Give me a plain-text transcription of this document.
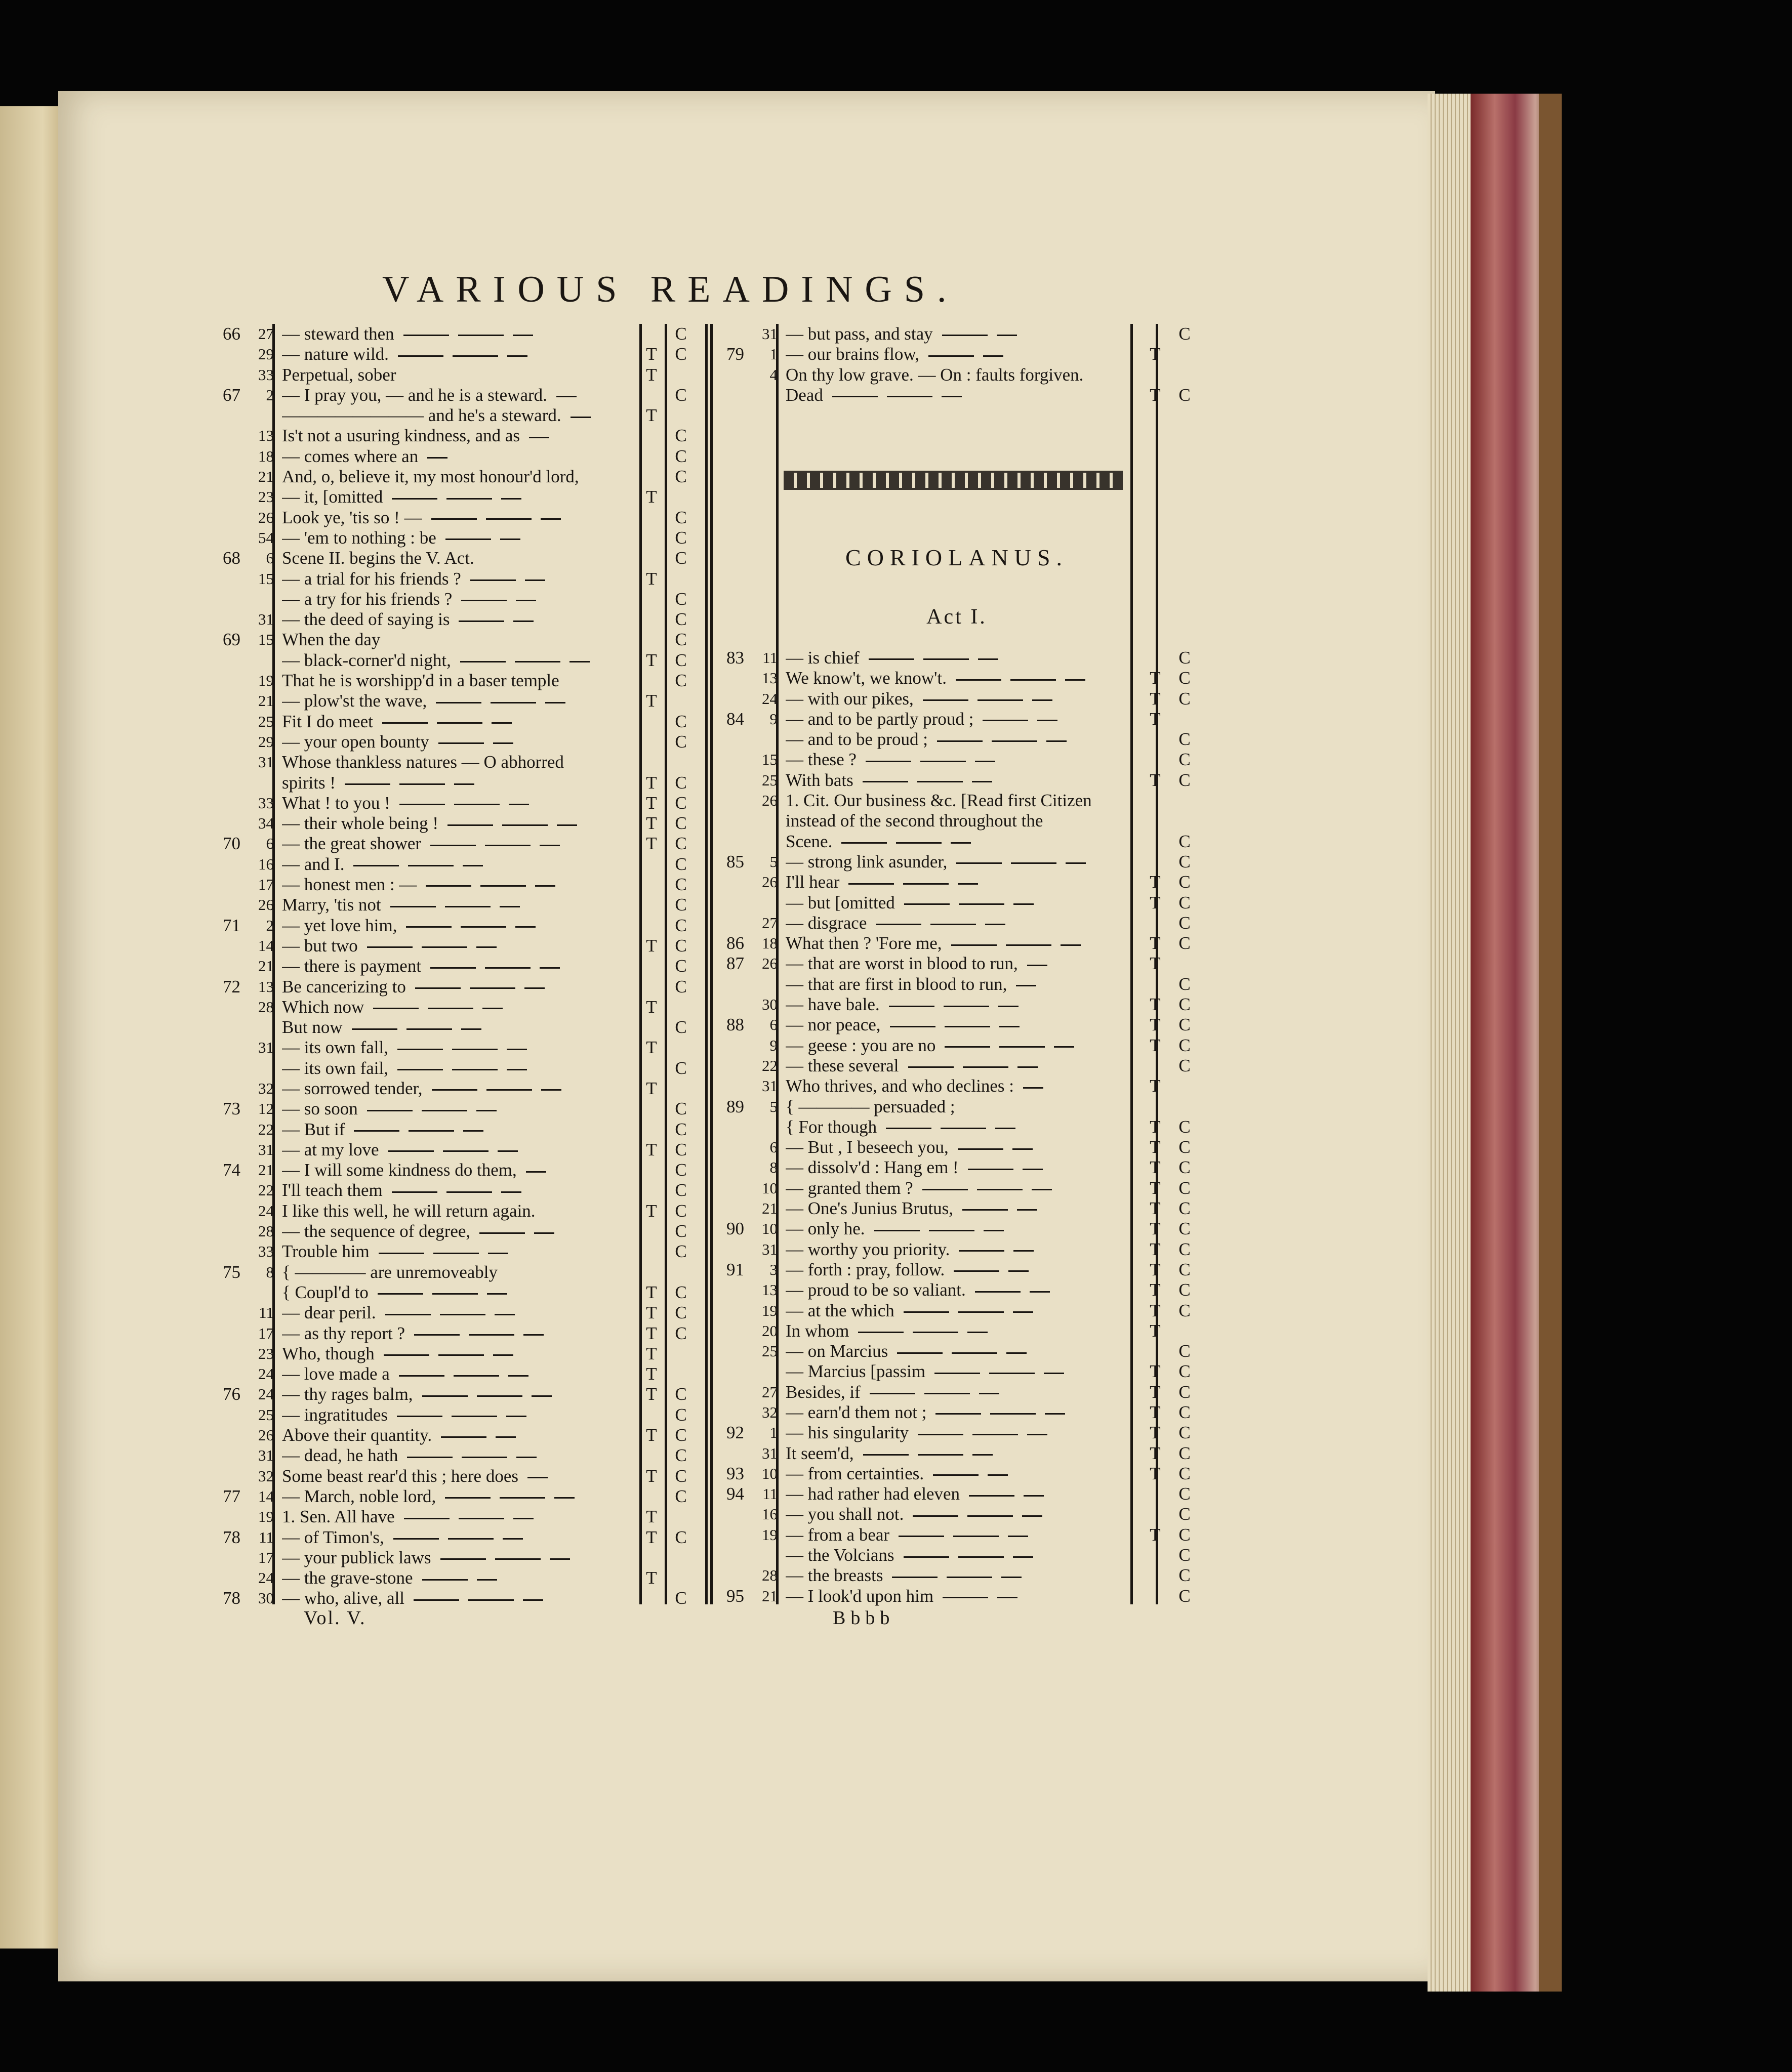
VARIOUS READINGS.
66	27 — steward then	C
29 — nature wild.	T C
33 Perpetual, sober	T
67	2 — I pray you, — and he is a steward.	C
———————— and he's a steward.	T
13 Is't not a usuring kindness, and as	C
18 — comes where an	C
21 And, o, believe it, my most honour'd lord,	C
23 — it, [omitted	T
26 Look ye, 'tis so ! —	C
54 — 'em to nothing : be	C
68	6 Scene II. begins the V. Act.	C
15 — a trial for his friends ?	T
— a try for his friends ?	C
31 — the deed of saying is	C
69	15 When the day	C
— black-corner'd night,	T C
19 That he is worshipp'd in a baser temple	C
21 — plow'st the wave,	T
25 Fit I do meet	C
29 — your open bounty	C
31 Whose thankless natures — O abhorred
spirits !	T C
33 What ! to you !	T C
34 — their whole being !	T C
70	6 — the great shower	T C
16 — and I.	C
17 — honest men : —	C
26 Marry, 'tis not	C
71	2 — yet love him,	C
14 — but two	T C
21 — there is payment	C
72	13 Be cancerizing to	C
28 Which now	T
But now	C
31 — its own fall,	T
— its own fail,	C
32 — sorrowed tender,	T
73	12 — so soon	C
22 — But if	C
31 — at my love	T C
74	21 — I will some kindness do them,	C
22 I'll teach them	C
24 I like this well, he will return again.	T C
28 — the sequence of degree,	C
33 Trouble him	C
75	8 { ———— are unremoveably
{ Coupl'd to	T C
11 — dear peril.	T C
17 — as thy report ?	T C
23 Who, though	T
24 — love made a	T
76	24 — thy rages balm,	T C
25 — ingratitudes	C
26 Above their quantity.	T C
31 — dead, he hath	C
32 Some beast rear'd this ; here does	T C
77	14 — March, noble lord,	C
19 1. Sen. All have	T
78	11 — of Timon's,	T C
17 — your publick laws
24 — the grave-stone	T
78	30 — who, alive, all	C
31 — but pass, and stay	C
79	1 — our brains flow,	T
4 On thy low grave. — On : faults forgiven.
Dead	T C
CORIOLANUS.
Act I.
83	11 — is chief	C
13 We know't, we know't.	T C
24 — with our pikes,	T C
84	9 — and to be partly proud ;	T
— and to be proud ;	C
15 — these ?	C
25 With bats	T C
26 1. Cit. Our business &c. [Read first Citizen
instead of the second throughout the
Scene.	C
85	5 — strong link asunder,	C
26 I'll hear	T C
— but [omitted	T C
27 — disgrace	C
86	18 What then ? 'Fore me,	T C
87	26 — that are worst in blood to run,	T
— that are first in blood to run,	C
30 — have bale.	T C
88	6 — nor peace,	T C
9 — geese : you are no	T C
22 — these several	C
31 Who thrives, and who declines :	T
89	5 { ———— persuaded ;
{ For though	T C
6 — But , I beseech you,	T C
8 — dissolv'd : Hang em !	T C
10 — granted them ?	T C
21 — One's Junius Brutus,	T C
90	10 — only he.	T C
31 — worthy you priority.	T C
91	3 — forth : pray, follow.	T C
13 — proud to be so valiant.	T C
19 — at the which	T C
20 In whom	T
25 — on Marcius	C
— Marcius [passim	T C
27 Besides, if	T C
32 — earn'd them not ;	T C
92	1 — his singularity	T C
31 It seem'd,	T C
93	10 — from certainties.	T C
94	11 — had rather had eleven	C
16 — you shall not.	C
19 — from a bear	T C
— the Volcians	C
28 — the breasts	C
95	21 — I look'd upon him	C
Vol. V.	Bbbb
